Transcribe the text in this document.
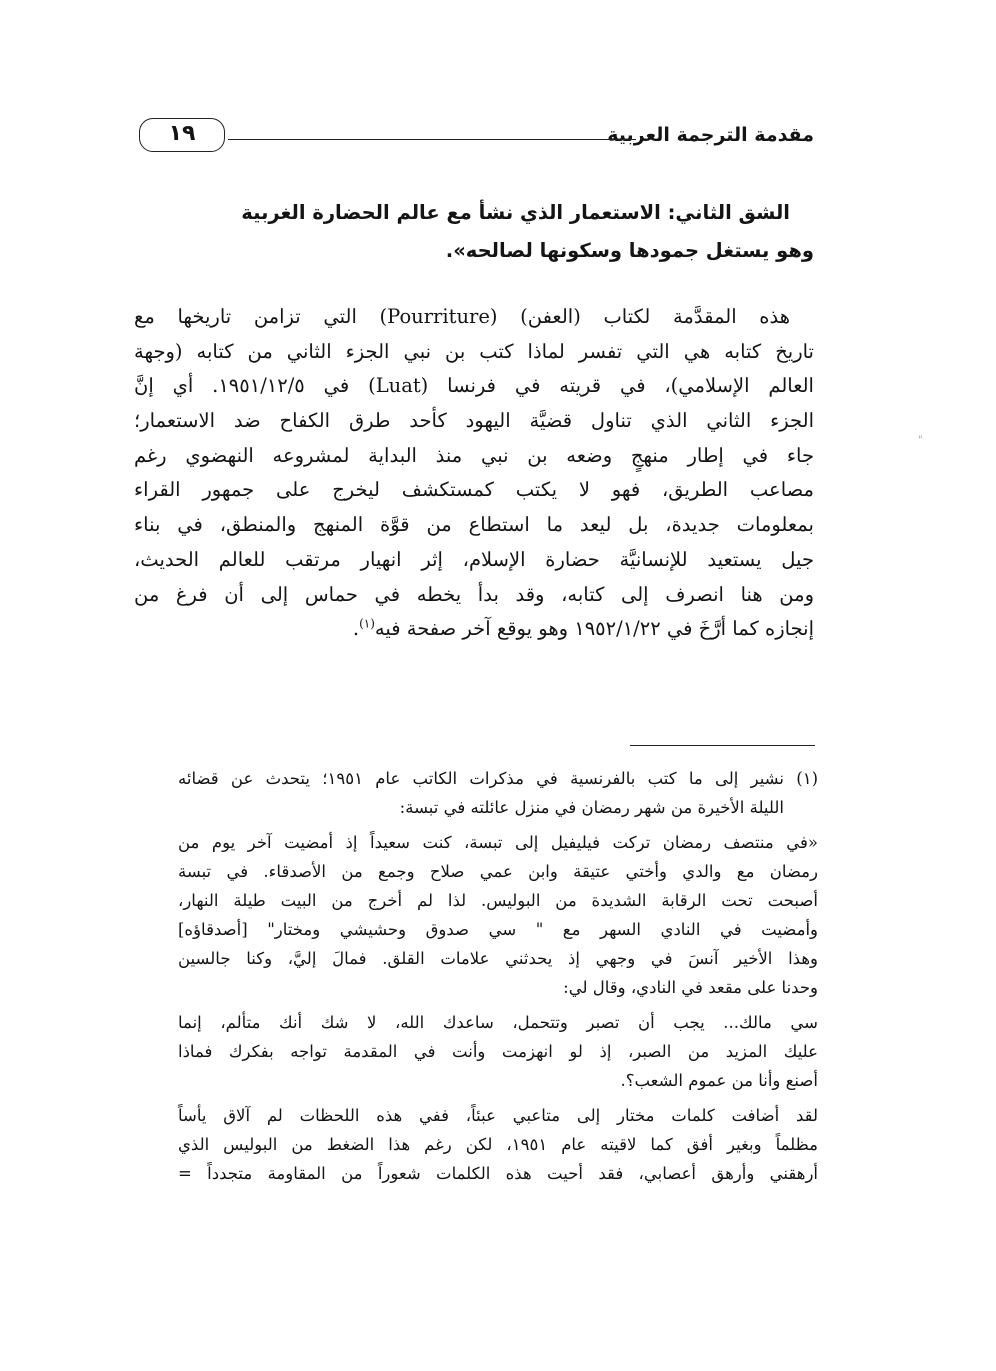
مقدمة الترجمة العربية
١٩
الشق الثاني: الاستعمار الذي نشأ مع عالم الحضارة الغربية
وهو يستغل جمودها وسكونها لصالحه».
هذه المقدَّمة لكتاب (العفن) (Pourriture) التي تزامن تاريخها مع
تاريخ كتابه هي التي تفسر لماذا كتب بن نبي الجزء الثاني من كتابه (وجهة
العالم الإسلامي)، في قريته في فرنسا (Luat) في ١٩٥١/١٢/٥. أي إنَّ
الجزء الثاني الذي تناول قضيَّة اليهود كأحد طرق الكفاح ضد الاستعمار؛
جاء في إطار منهجٍ وضعه بن نبي منذ البداية لمشروعه النهضوي رغم
مصاعب الطريق، فهو لا يكتب كمستكشف ليخرج على جمهور القراء
بمعلومات جديدة، بل ليعد ما استطاع من قوَّة المنهج والمنطق، في بناء
جيل يستعيد للإنسانيَّة حضارة الإسلام، إثر انهيار مرتقب للعالم الحديث،
ومن هنا انصرف إلى كتابه، وقد بدأ يخطه في حماس إلى أن فرغ من
إنجازه كما أرَّخَ في ١٩٥٢/١/٢٢ وهو يوقع آخر صفحة فيه$^{(١)}$.
(١) نشير إلى ما كتب بالفرنسية في مذكرات الكاتب عام ١٩٥١؛ يتحدث عن قضائه
الليلة الأخيرة من شهر رمضان في منزل عائلته في تبسة:
«في منتصف رمضان تركت فيليفيل إلى تبسة، كنت سعيداً إذ أمضيت آخر يوم من
رمضان مع والدي وأختي عتيقة وابن عمي صلاح وجمع من الأصدقاء. في تبسة
أصبحت تحت الرقابة الشديدة من البوليس. لذا لم أخرج من البيت طيلة النهار،
وأمضيت في النادي السهر مع " سي صدوق وحشيشي ومختار" [أصدقاؤه]
وهذا الأخير آنسَ في وجهي إذ يحدثني علامات القلق. فمالَ إليَّ، وكنا جالسين
وحدنا على مقعد في النادي، وقال لي:
سي مالك... يجب أن تصبر وتتحمل، ساعدك الله، لا شك أنك متألم، إنما
عليك المزيد من الصبر، إذ لو انهزمت وأنت في المقدمة تواجه بفكرك فماذا
أصنع وأنا من عموم الشعب؟.
لقد أضافت كلمات مختار إلى متاعبي عبئاً، ففي هذه اللحظات لم آلاق يأساً
مظلماً وبغير أفق كما لاقيته عام ١٩٥١، لكن رغم هذا الضغط من البوليس الذي
أرهقني وأرهق أعصابي، فقد أحيت هذه الكلمات شعوراً من المقاومة متجدداً =
"
